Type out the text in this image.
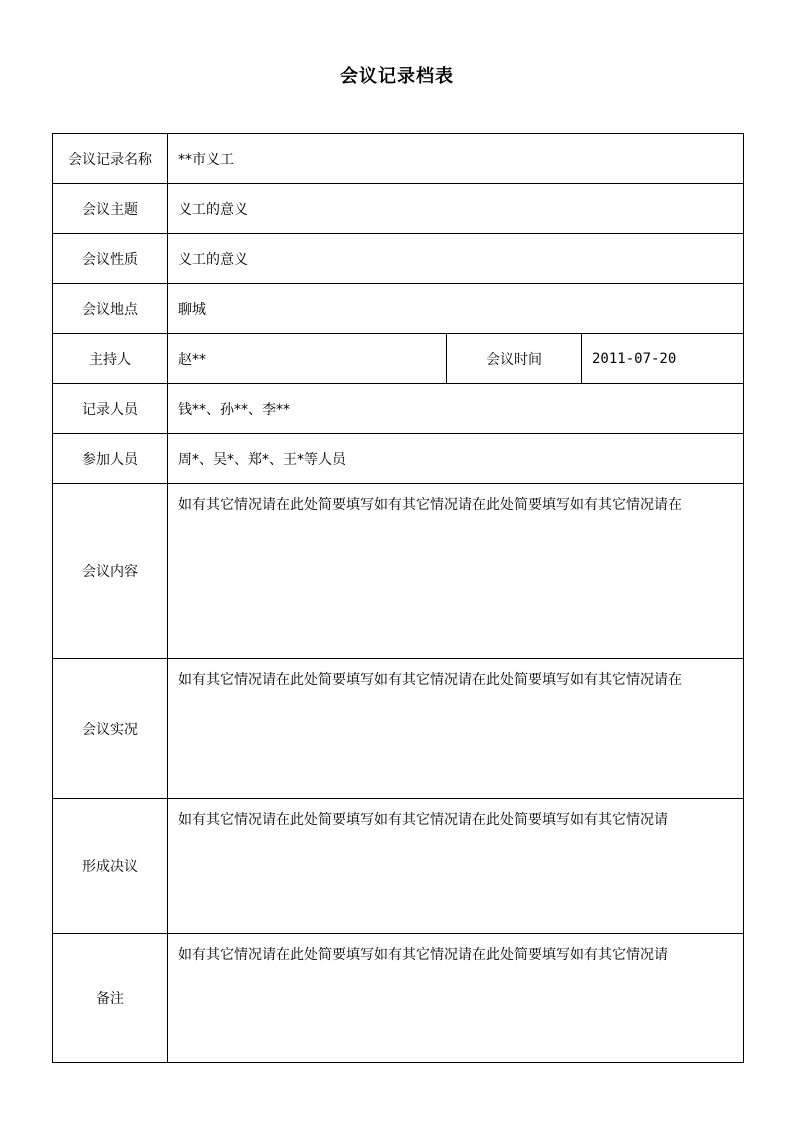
会议记录档表
会议记录名称	**市义工		
会议主题	义工的意义		
会议性质	义工的意义		
会议地点	聊城		
主持人	赵**	会议时间	2011-07-20
记录人员	钱**、孙**、李**		
参加人员	周*、吴*、郑*、王*等人员		
会议内容	如有其它情况请在此处简要填写如有其它情况请在此处简要填写如有其它情况请在		
会议实况	如有其它情况请在此处简要填写如有其它情况请在此处简要填写如有其它情况请在		
形成决议	如有其它情况请在此处简要填写如有其它情况请在此处简要填写如有其它情况请		
备注	如有其它情况请在此处简要填写如有其它情况请在此处简要填写如有其它情况请		
